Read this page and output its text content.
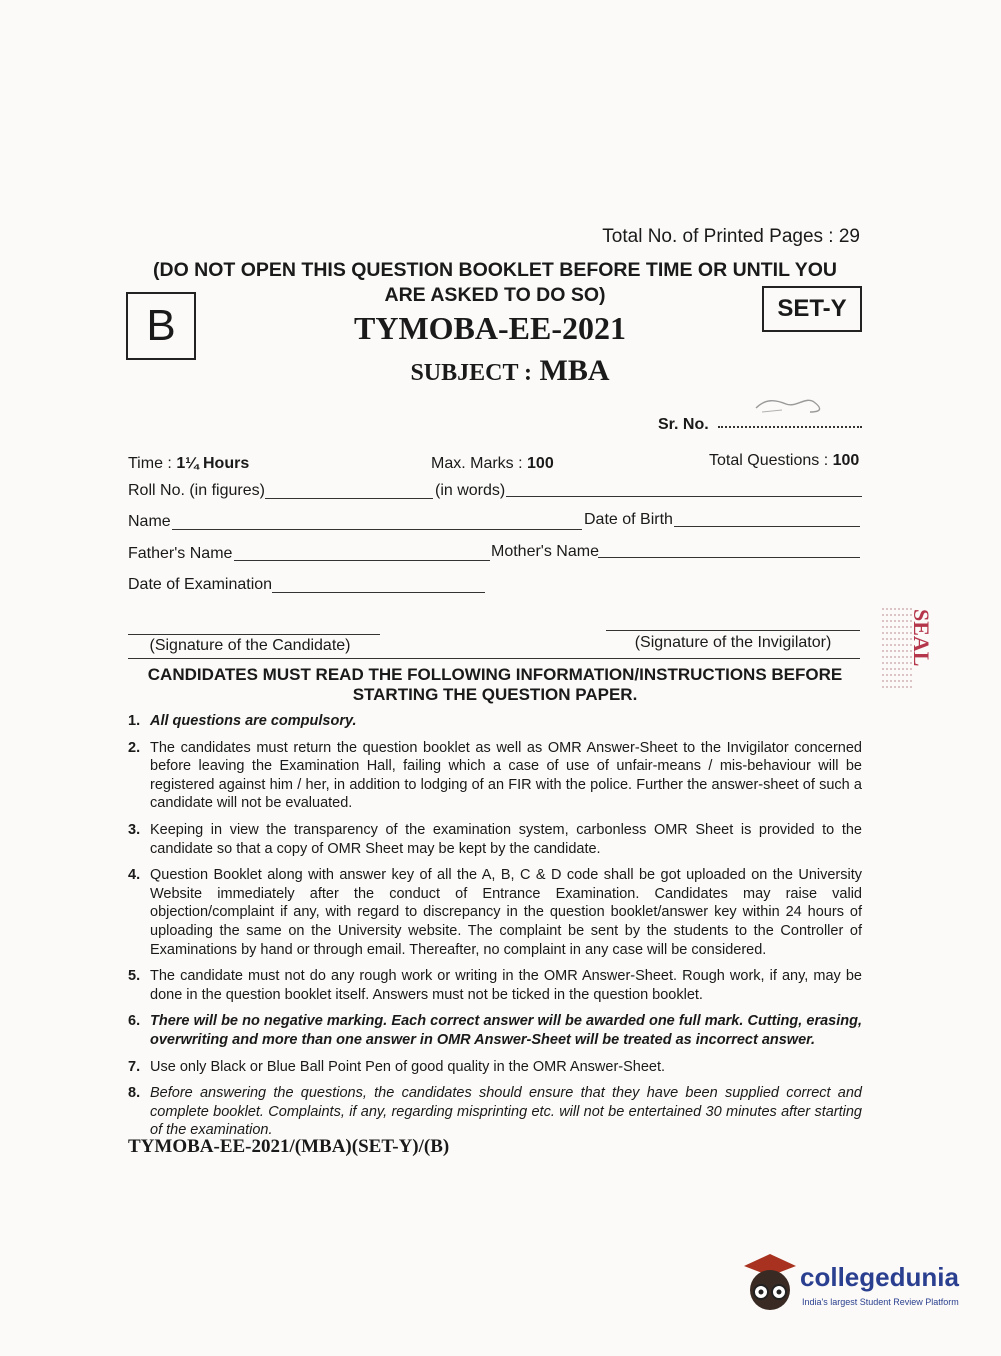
Total No. of Printed Pages : 29
(DO NOT OPEN THIS QUESTION BOOKLET BEFORE TIME OR UNTIL YOU
ARE ASKED TO DO SO)
B	SET-Y
TYMOBA-EE-2021
SUBJECT : MBA
Sr. No.
Time : 1¼ Hours	Max. Marks : 100	Total Questions : 100
Roll No. (in figures)	(in words)
Name	Date of Birth
Father's Name	Mother's Name
Date of Examination
(Signature of the Candidate)	(Signature of the Invigilator)	SEAL
CANDIDATES MUST READ THE FOLLOWING INFORMATION/INSTRUCTIONS BEFORE
STARTING THE QUESTION PAPER.
1. All questions are compulsory.
2. The candidates must return the question booklet as well as OMR Answer-Sheet to the Invigilator concerned before leaving the Examination Hall, failing which a case of use of unfair-means / mis-behaviour will be registered against him / her, in addition to lodging of an FIR with the police. Further the answer-sheet of such a candidate will not be evaluated.
3. Keeping in view the transparency of the examination system, carbonless OMR Sheet is provided to the candidate so that a copy of OMR Sheet may be kept by the candidate.
4. Question Booklet along with answer key of all the A, B, C & D code shall be got uploaded on the University Website immediately after the conduct of Entrance Examination. Candidates may raise valid objection/complaint if any, with regard to discrepancy in the question booklet/answer key within 24 hours of uploading the same on the University website. The complaint be sent by the students to the Controller of Examinations by hand or through email. Thereafter, no complaint in any case will be considered.
5. The candidate must not do any rough work or writing in the OMR Answer-Sheet. Rough work, if any, may be done in the question booklet itself. Answers must not be ticked in the question booklet.
6. There will be no negative marking. Each correct answer will be awarded one full mark. Cutting, erasing, overwriting and more than one answer in OMR Answer-Sheet will be treated as incorrect answer.
7. Use only Black or Blue Ball Point Pen of good quality in the OMR Answer-Sheet.
8. Before answering the questions, the candidates should ensure that they have been supplied correct and complete booklet. Complaints, if any, regarding misprinting etc. will not be entertained 30 minutes after starting of the examination.
TYMOBA-EE-2021/(MBA)(SET-Y)/(B)
collegedunia
India's largest Student Review Platform
